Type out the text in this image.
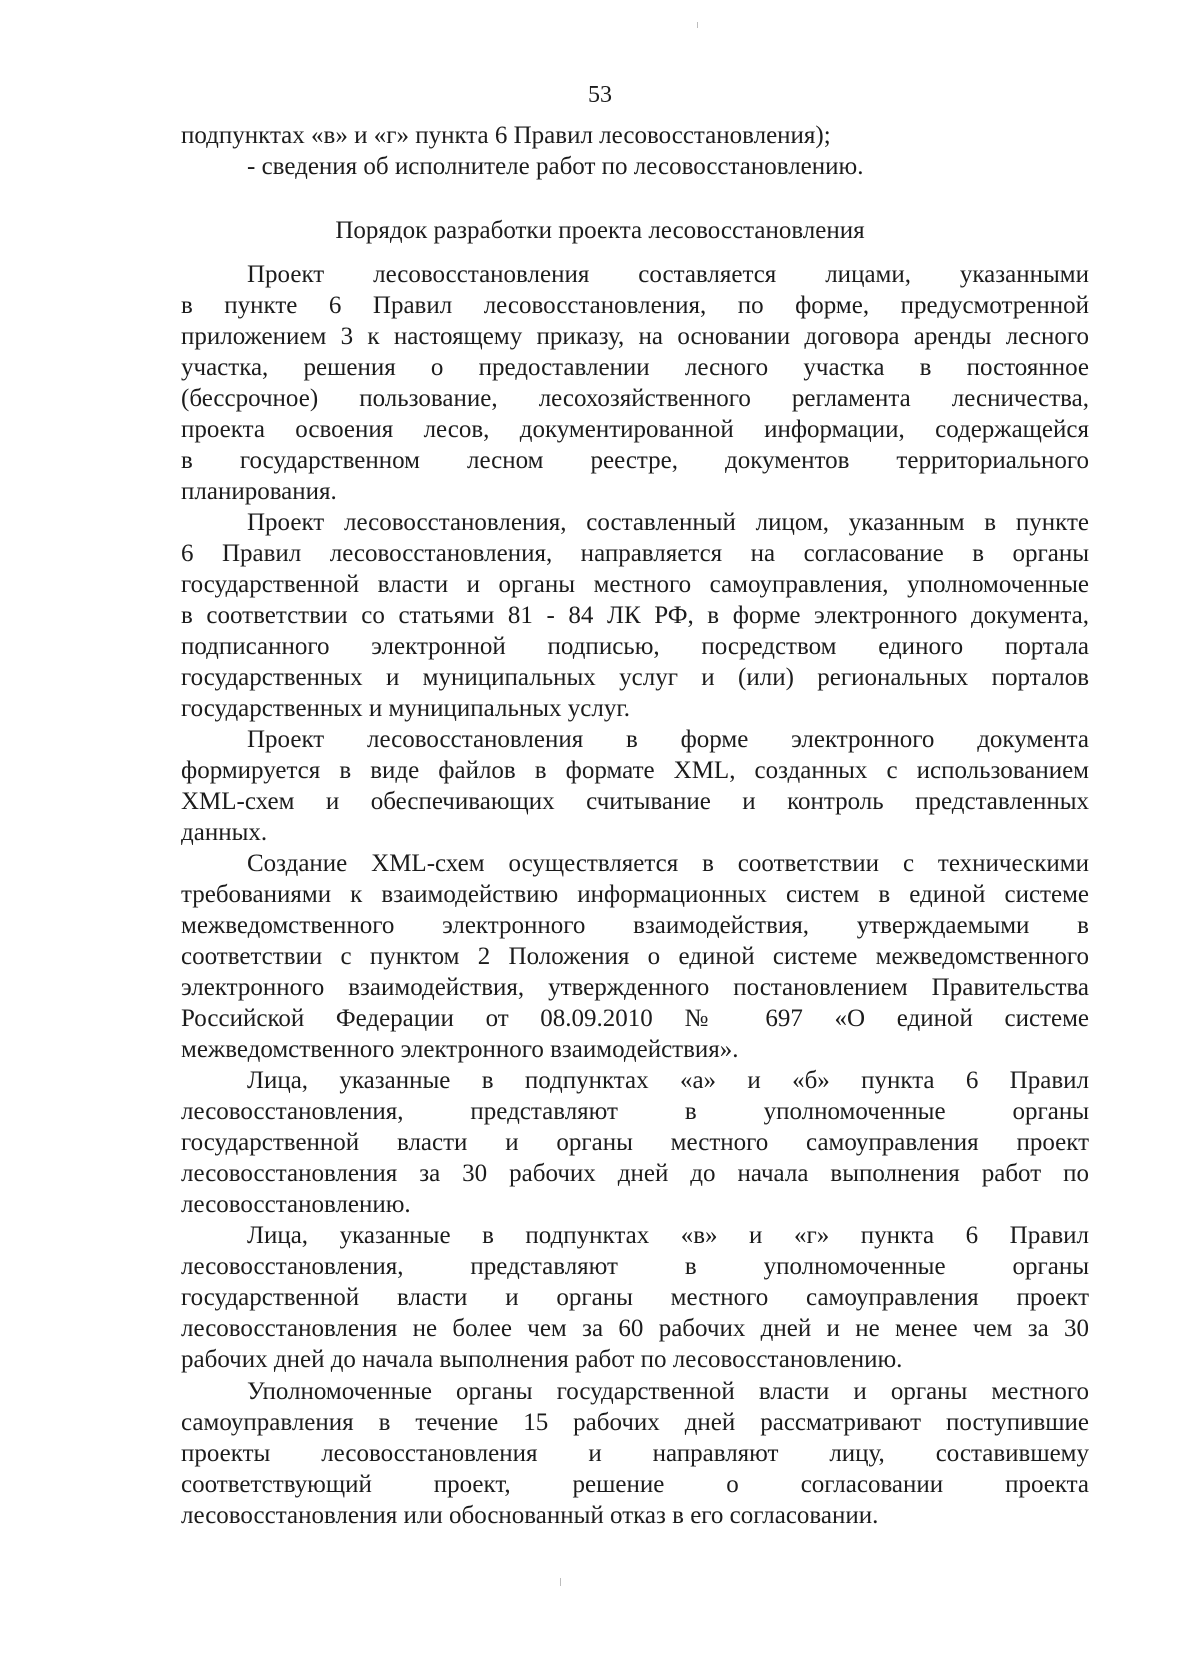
53
подпунктах «в» и «г» пункта 6 Правил лесовосстановления);
- сведения об исполнителе работ по лесовосстановлению.
Порядок разработки проекта лесовосстановления
Проект лесовосстановления составляется лицами, указанными
в пункте 6 Правил лесовосстановления, по форме, предусмотренной
приложением 3 к настоящему приказу, на основании договора аренды лесного
участка, решения о предоставлении лесного участка в постоянное
(бессрочное) пользование, лесохозяйственного регламента лесничества,
проекта освоения лесов, документированной информации, содержащейся
в государственном лесном реестре, документов территориального
планирования.
Проект лесовосстановления, составленный лицом, указанным в пункте
6 Правил лесовосстановления, направляется на согласование в органы
государственной власти и органы местного самоуправления, уполномоченные
в соответствии со статьями 81 - 84 ЛК РФ, в форме электронного документа,
подписанного электронной подписью, посредством единого портала
государственных и муниципальных услуг и (или) региональных порталов
государственных и муниципальных услуг.
Проект лесовосстановления в форме электронного документа
формируется в виде файлов в формате XML, созданных с использованием
XML-схем и обеспечивающих считывание и контроль представленных
данных.
Создание XML-схем осуществляется в соответствии с техническими
требованиями к взаимодействию информационных систем в единой системе
межведомственного электронного взаимодействия, утверждаемыми в
соответствии с пунктом 2 Положения о единой системе межведомственного
электронного взаимодействия, утвержденного постановлением Правительства
Российской Федерации от 08.09.2010 № 697 «О единой системе
межведомственного электронного взаимодействия».
Лица, указанные в подпунктах «а» и «б» пункта 6 Правил
лесовосстановления, представляют в уполномоченные органы
государственной власти и органы местного самоуправления проект
лесовосстановления за 30 рабочих дней до начала выполнения работ по
лесовосстановлению.
Лица, указанные в подпунктах «в» и «г» пункта 6 Правил
лесовосстановления, представляют в уполномоченные органы
государственной власти и органы местного самоуправления проект
лесовосстановления не более чем за 60 рабочих дней и не менее чем за 30
рабочих дней до начала выполнения работ по лесовосстановлению.
Уполномоченные органы государственной власти и органы местного
самоуправления в течение 15 рабочих дней рассматривают поступившие
проекты лесовосстановления и направляют лицу, составившему
соответствующий проект, решение о согласовании проекта
лесовосстановления или обоснованный отказ в его согласовании.
